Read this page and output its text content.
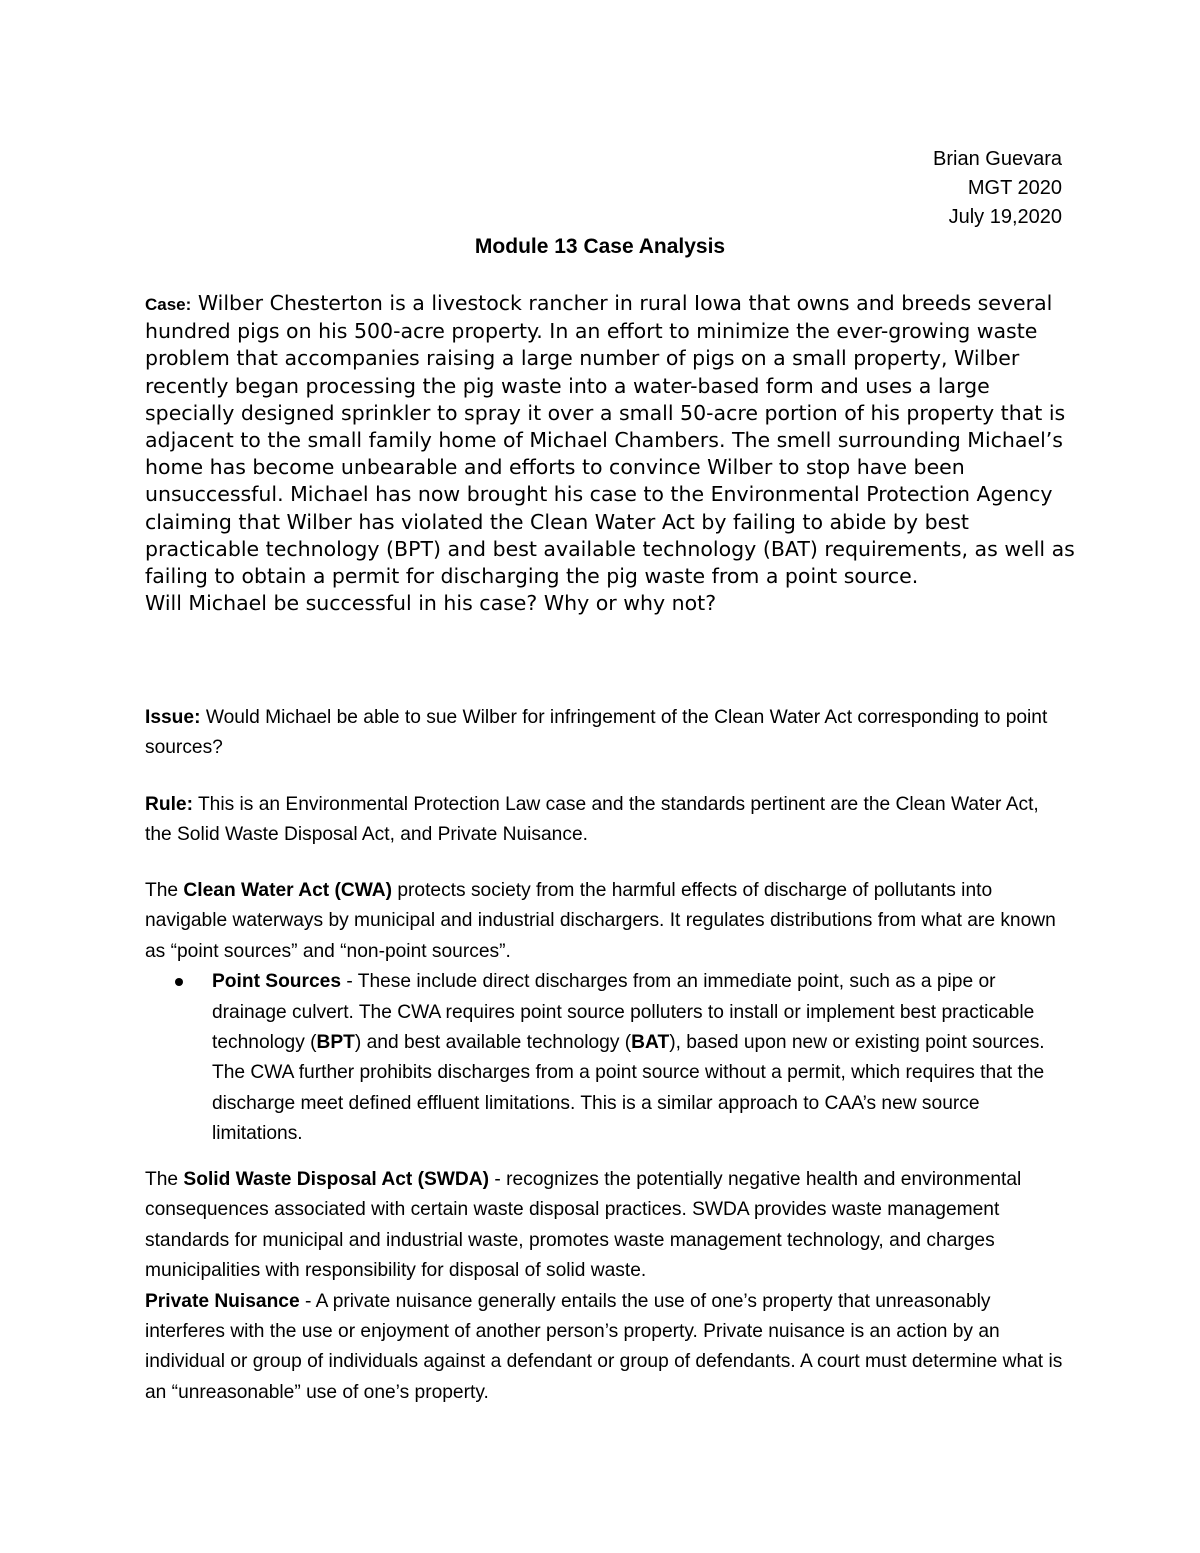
Brian Guevara
MGT 2020
July 19,2020
Module 13 Case Analysis
Case: Wilber Chesterton is a livestock rancher in rural Iowa that owns and breeds several hundred pigs on his 500-acre property. In an effort to minimize the ever-growing waste problem that accompanies raising a large number of pigs on a small property, Wilber recently began processing the pig waste into a water-based form and uses a large specially designed sprinkler to spray it over a small 50-acre portion of his property that is adjacent to the small family home of Michael Chambers. The smell surrounding Michael’s home has become unbearable and efforts to convince Wilber to stop have been unsuccessful. Michael has now brought his case to the Environmental Protection Agency claiming that Wilber has violated the Clean Water Act by failing to abide by best practicable technology (BPT) and best available technology (BAT) requirements, as well as failing to obtain a permit for discharging the pig waste from a point source.
Will Michael be successful in his case? Why or why not?
Issue: Would Michael be able to sue Wilber for infringement of the Clean Water Act corresponding to point sources?
Rule: This is an Environmental Protection Law case and the standards pertinent are the Clean Water Act, the Solid Waste Disposal Act, and Private Nuisance.

The Clean Water Act (CWA) protects society from the harmful effects of discharge of pollutants into navigable waterways by municipal and industrial dischargers. It regulates distributions from what are known as “point sources” and “non-point sources”.

Point Sources - These include direct discharges from an immediate point, such as a pipe or drainage culvert. The CWA requires point source polluters to install or implement best practicable technology (BPT) and best available technology (BAT), based upon new or existing point sources. The CWA further prohibits discharges from a point source without a permit, which requires that the discharge meet defined effluent limitations. This is a similar approach to CAA’s new source limitations.

The Solid Waste Disposal Act (SWDA) - recognizes the potentially negative health and environmental consequences associated with certain waste disposal practices. SWDA provides waste management standards for municipal and industrial waste, promotes waste management technology, and charges municipalities with responsibility for disposal of solid waste.

Private Nuisance - A private nuisance generally entails the use of one’s property that unreasonably interferes with the use or enjoyment of another person’s property. Private nuisance is an action by an individual or group of individuals against a defendant or group of defendants. A court must determine what is an “unreasonable” use of one’s property.
